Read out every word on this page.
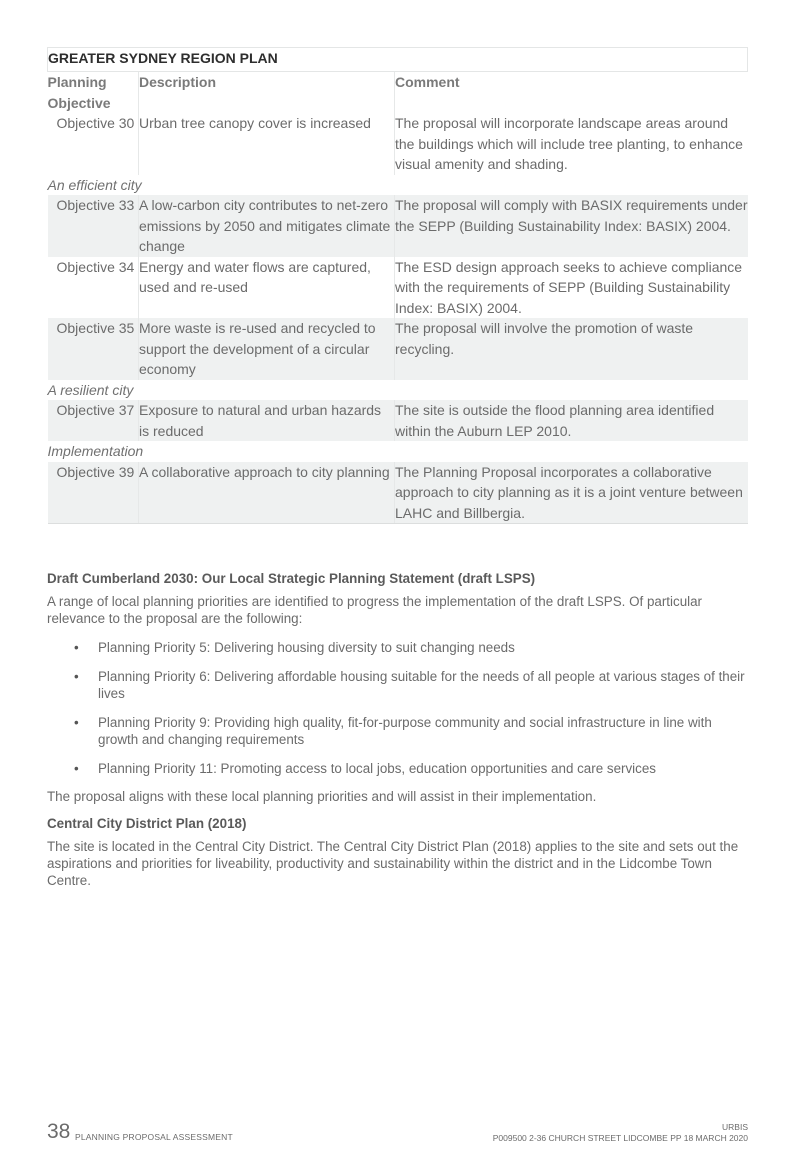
GREATER SYDNEY REGION PLAN		
Planning Objective	Description	Comment
Objective 30	Urban tree canopy cover is increased	The proposal will incorporate landscape areas around the buildings which will include tree planting, to enhance visual amenity and shading.
An efficient city		
Objective 33	A low-carbon city contributes to net-zero emissions by 2050 and mitigates climate change	The proposal will comply with BASIX requirements under the SEPP (Building Sustainability Index: BASIX) 2004.
Objective 34	Energy and water flows are captured, used and re-used	The ESD design approach seeks to achieve compliance with the requirements of SEPP (Building Sustainability Index: BASIX) 2004.
Objective 35	More waste is re-used and recycled to support the development of a circular economy	The proposal will involve the promotion of waste recycling.
A resilient city		
Objective 37	Exposure to natural and urban hazards is reduced	The site is outside the flood planning area identified within the Auburn LEP 2010.
Implementation		
Objective 39	A collaborative approach to city planning	The Planning Proposal incorporates a collaborative approach to city planning as it is a joint venture between LAHC and Billbergia.

Draft Cumberland 2030: Our Local Strategic Planning Statement (draft LSPS)

A range of local planning priorities are identified to progress the implementation of the draft LSPS. Of particular relevance to the proposal are the following:

• Planning Priority 5: Delivering housing diversity to suit changing needs
• Planning Priority 6: Delivering affordable housing suitable for the needs of all people at various stages of their lives
• Planning Priority 9: Providing high quality, fit-for-purpose community and social infrastructure in line with growth and changing requirements
• Planning Priority 11: Promoting access to local jobs, education opportunities and care services

The proposal aligns with these local planning priorities and will assist in their implementation.

Central City District Plan (2018)

The site is located in the Central City District. The Central City District Plan (2018) applies to the site and sets out the aspirations and priorities for liveability, productivity and sustainability within the district and in the Lidcombe Town Centre.

38 PLANNING PROPOSAL ASSESSMENT
URBIS
P009500 2-36 CHURCH STREET LIDCOMBE PP 18 MARCH 2020
